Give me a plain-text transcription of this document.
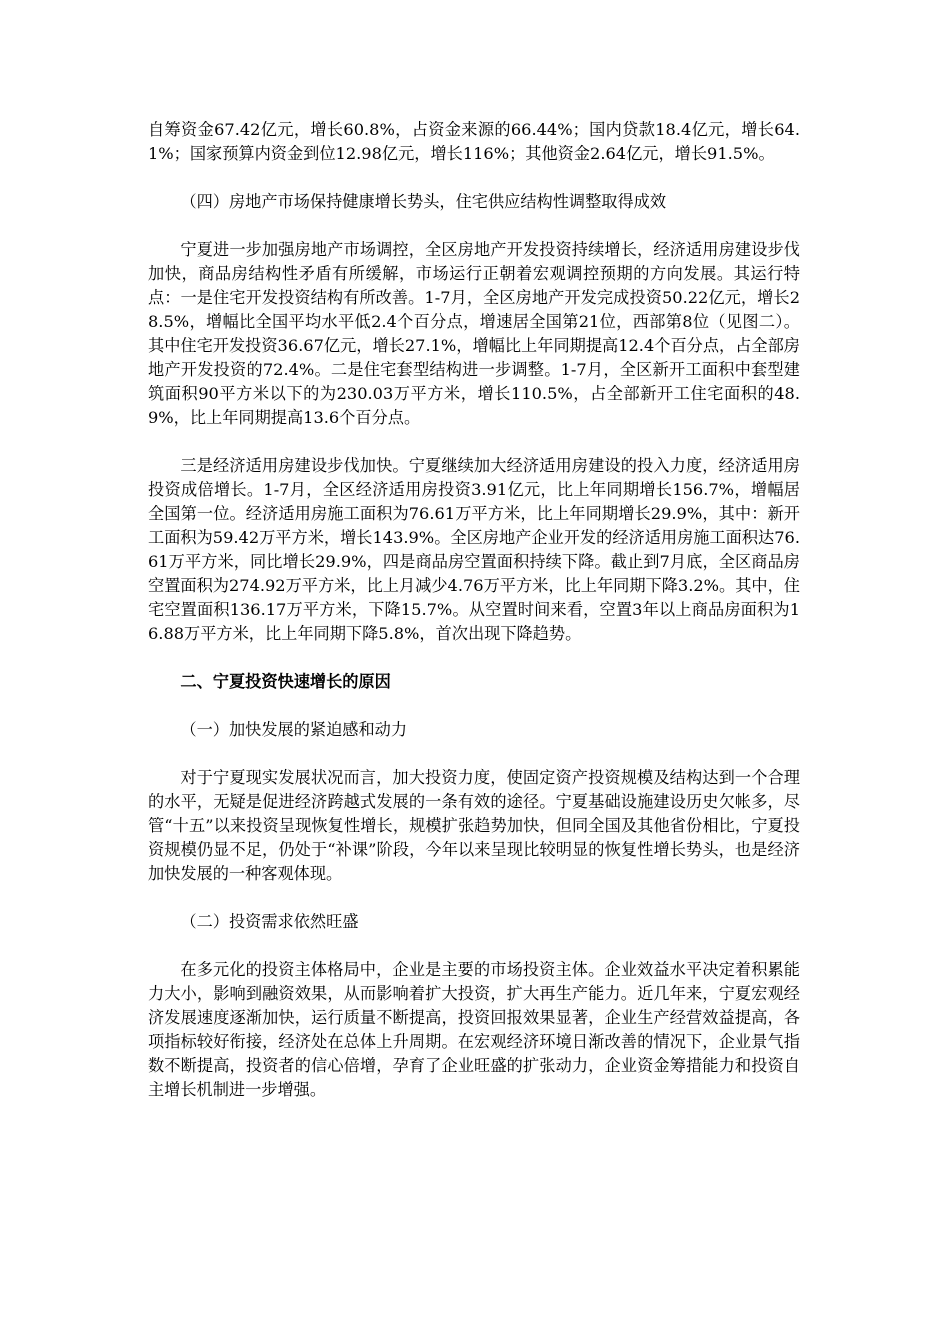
自筹资金67.42亿元，增长60.8%，占资金来源的66.44%；国内贷款18.4亿元，增长64.1%；国家预算内资金到位12.98亿元，增长116%；其他资金2.64亿元，增长91.5%。

（四）房地产市场保持健康增长势头，住宅供应结构性调整取得成效

宁夏进一步加强房地产市场调控，全区房地产开发投资持续增长，经济适用房建设步伐加快，商品房结构性矛盾有所缓解，市场运行正朝着宏观调控预期的方向发展。其运行特点：一是住宅开发投资结构有所改善。1-7月，全区房地产开发完成投资50.22亿元，增长28.5%，增幅比全国平均水平低2.4个百分点，增速居全国第21位，西部第8位（见图二）。其中住宅开发投资36.67亿元，增长27.1%，增幅比上年同期提高12.4个百分点，占全部房地产开发投资的72.4%。二是住宅套型结构进一步调整。1-7月，全区新开工面积中套型建筑面积90平方米以下的为230.03万平方米，增长110.5%，占全部新开工住宅面积的48.9%，比上年同期提高13.6个百分点。

三是经济适用房建设步伐加快。宁夏继续加大经济适用房建设的投入力度，经济适用房投资成倍增长。1-7月，全区经济适用房投资3.91亿元，比上年同期增长156.7%，增幅居全国第一位。经济适用房施工面积为76.61万平方米，比上年同期增长29.9%，其中：新开工面积为59.42万平方米，增长143.9%。全区房地产企业开发的经济适用房施工面积达76.61万平方米，同比增长29.9%，四是商品房空置面积持续下降。截止到7月底，全区商品房空置面积为274.92万平方米，比上月减少4.76万平方米，比上年同期下降3.2%。其中，住宅空置面积136.17万平方米，下降15.7%。从空置时间来看，空置3年以上商品房面积为16.88万平方米，比上年同期下降5.8%，首次出现下降趋势。

二、宁夏投资快速增长的原因

（一）加快发展的紧迫感和动力

对于宁夏现实发展状况而言，加大投资力度，使固定资产投资规模及结构达到一个合理的水平，无疑是促进经济跨越式发展的一条有效的途径。宁夏基础设施建设历史欠帐多，尽管“十五”以来投资呈现恢复性增长，规模扩张趋势加快，但同全国及其他省份相比，宁夏投资规模仍显不足，仍处于“补课”阶段，今年以来呈现比较明显的恢复性增长势头，也是经济加快发展的一种客观体现。

（二）投资需求依然旺盛

在多元化的投资主体格局中，企业是主要的市场投资主体。企业效益水平决定着积累能力大小，影响到融资效果，从而影响着扩大投资，扩大再生产能力。近几年来，宁夏宏观经济发展速度逐渐加快，运行质量不断提高，投资回报效果显著，企业生产经营效益提高，各项指标较好衔接，经济处在总体上升周期。在宏观经济环境日渐改善的情况下，企业景气指数不断提高，投资者的信心倍增，孕育了企业旺盛的扩张动力，企业资金筹措能力和投资自主增长机制进一步增强。
